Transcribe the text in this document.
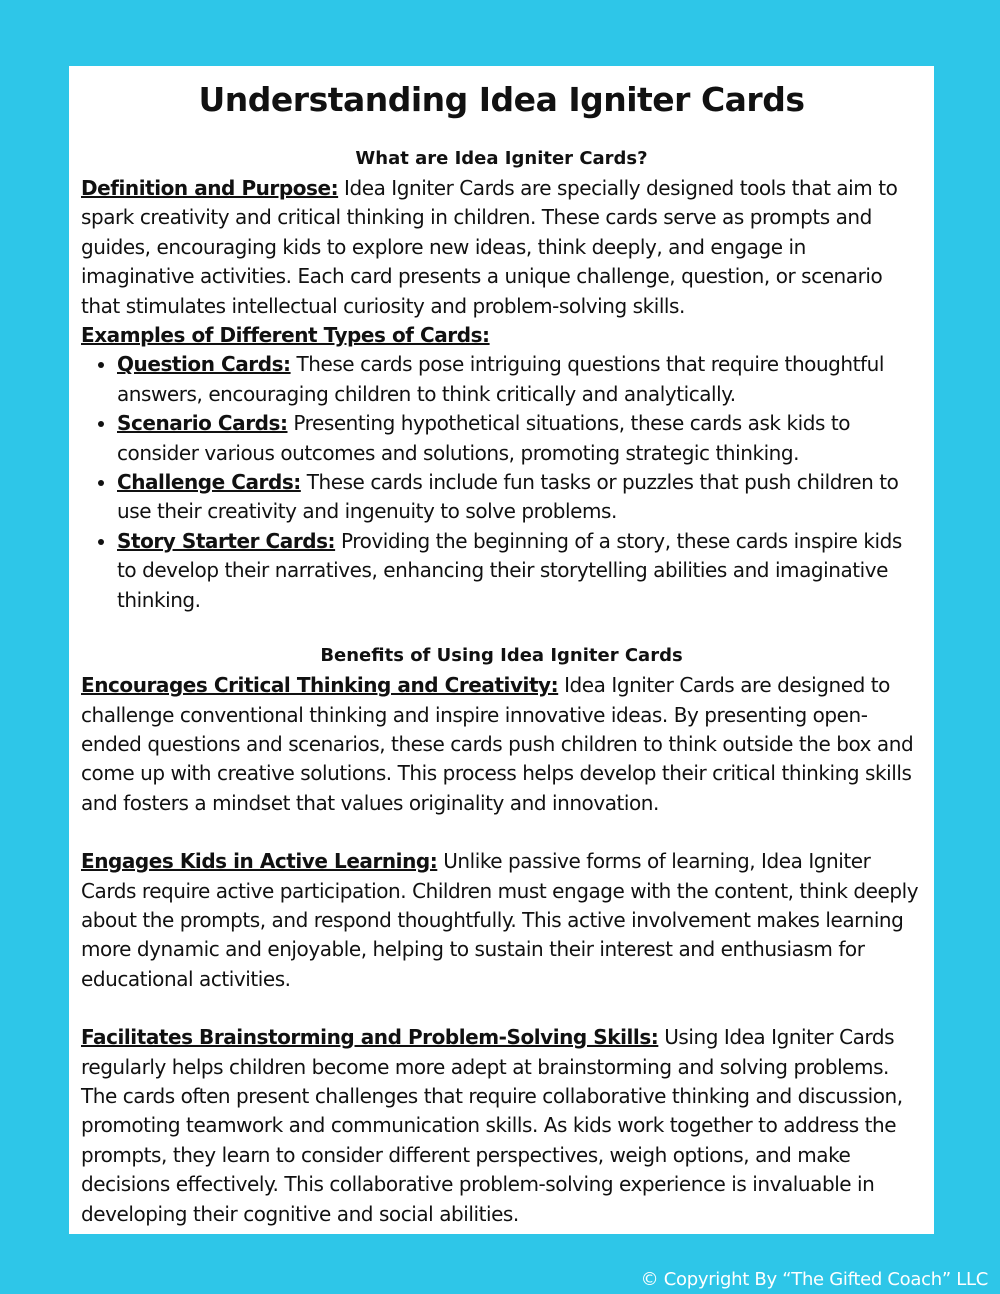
Understanding Idea Igniter Cards
What are Idea Igniter Cards?

Definition and Purpose: Idea Igniter Cards are specially designed tools that aim to spark creativity and critical thinking in children. These cards serve as prompts and guides, encouraging kids to explore new ideas, think deeply, and engage in imaginative activities. Each card presents a unique challenge, question, or scenario that stimulates intellectual curiosity and problem-solving skills.

Examples of Different Types of Cards:

• Question Cards: These cards pose intriguing questions that require thoughtful answers, encouraging children to think critically and analytically.
• Scenario Cards: Presenting hypothetical situations, these cards ask kids to consider various outcomes and solutions, promoting strategic thinking.
• Challenge Cards: These cards include fun tasks or puzzles that push children to use their creativity and ingenuity to solve problems.
• Story Starter Cards: Providing the beginning of a story, these cards inspire kids to develop their narratives, enhancing their storytelling abilities and imaginative thinking.
Benefits of Using Idea Igniter Cards

Encourages Critical Thinking and Creativity: Idea Igniter Cards are designed to challenge conventional thinking and inspire innovative ideas. By presenting open-ended questions and scenarios, these cards push children to think outside the box and come up with creative solutions. This process helps develop their critical thinking skills and fosters a mindset that values originality and innovation.

Engages Kids in Active Learning: Unlike passive forms of learning, Idea Igniter Cards require active participation. Children must engage with the content, think deeply about the prompts, and respond thoughtfully. This active involvement makes learning more dynamic and enjoyable, helping to sustain their interest and enthusiasm for educational activities.

Facilitates Brainstorming and Problem-Solving Skills: Using Idea Igniter Cards regularly helps children become more adept at brainstorming and solving problems. The cards often present challenges that require collaborative thinking and discussion, promoting teamwork and communication skills. As kids work together to address the prompts, they learn to consider different perspectives, weigh options, and make decisions effectively. This collaborative problem-solving experience is invaluable in developing their cognitive and social abilities.

© Copyright By “The Gifted Coach” LLC
